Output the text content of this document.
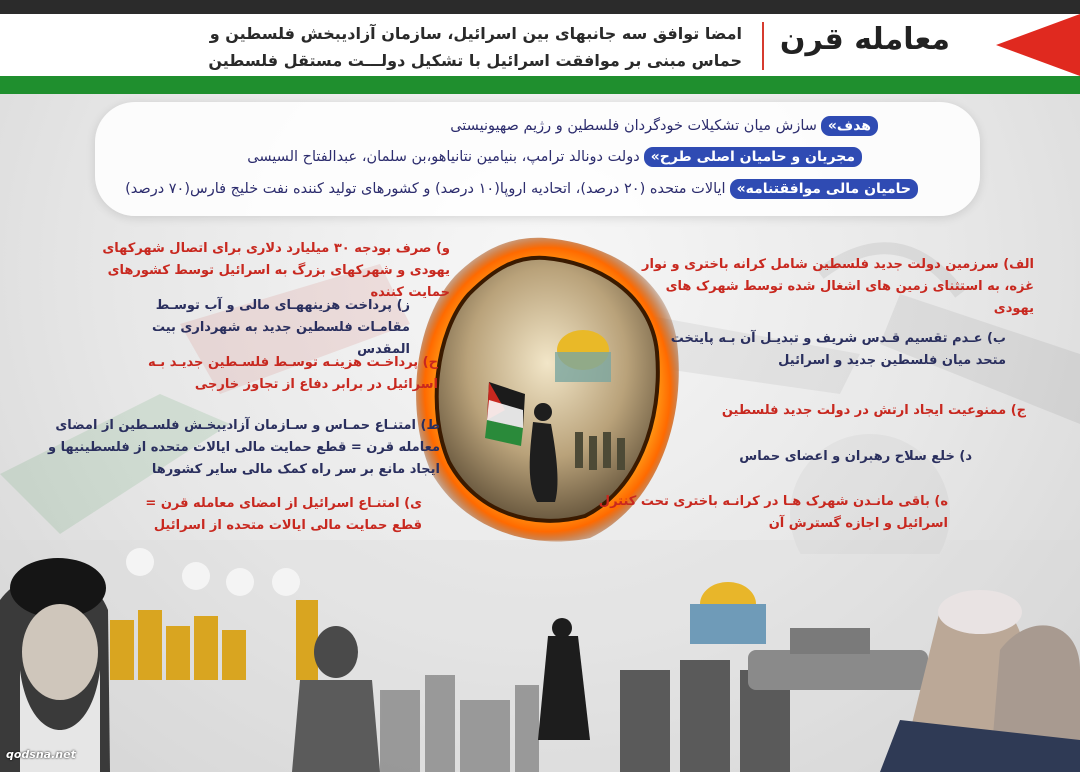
معامله قرن
امضا توافق سه جانبهای بین اسرائیل، سازمان آزادیبخش فلسطین و حماس مبنی بر موافقت اسرائیل با تشکیل دولـــت مستقل فلسطین
هدف»سازش میان تشکیلات خودگردان فلسطین و رژیم صهیونیستی
مجریان و حامیان اصلی طرح»دولت دونالد ترامپ، بنیامین نتانیاهو،بن سلمان، عبدالفتاح السیسی
حامیان مالی موافقتنامه»ایالات متحده (۲۰ درصد)، اتحادیه اروپا(۱۰ درصد) و کشورهای تولید کننده نفت خلیج فارس(۷۰ درصد)
الف) سرزمین دولت جدید فلسطین شامل کرانه باختری و نوار غزه، به استثنای زمین های اشغال شده توسط شهرک های یهودی
ب) عـدم تقسیم قـدس شریف و تبدیـل آن بـه پایتخت متحد میان فلسطین جدید و اسرائیل
ج) ممنوعیت ایجاد ارتش در دولت جدید فلسطین
د) خلع سلاح رهبران و اعضای حماس
ه) باقی مانـدن شهرک هـا در کرانـه باختری تحت کنترل اسرائیل و اجازه گسترش آن
و) صرف بودجه ۳۰ میلیارد دلاری برای اتصال شهرکهای یهودی و شهرکهای بزرگ به اسرائیل توسط کشورهای حمایت کننده
ز) پرداخت هزینههـای مالی و آب توسـط مقامـات فلسطین جدید به شهرداری بیت المقدس
ح) پرداخـت هزینـه توسـط فلسـطین جدیـد بـه اسرائیل در برابر دفاع از تجاوز خارجی
ط) امتنـاع حمـاس و سـازمان آزادیبخـش فلسـطین از امضای معامله قرن = قطع حمایت مالی ایالات متحده از فلسطینیها و ایجاد مانع بر سر راه کمک مالی سایر کشورها
ی) امتنـاع اسرائیل از امضای معامله قرن = قطع حمایت مالی ایالات متحده از اسرائیل
qodsna.net
